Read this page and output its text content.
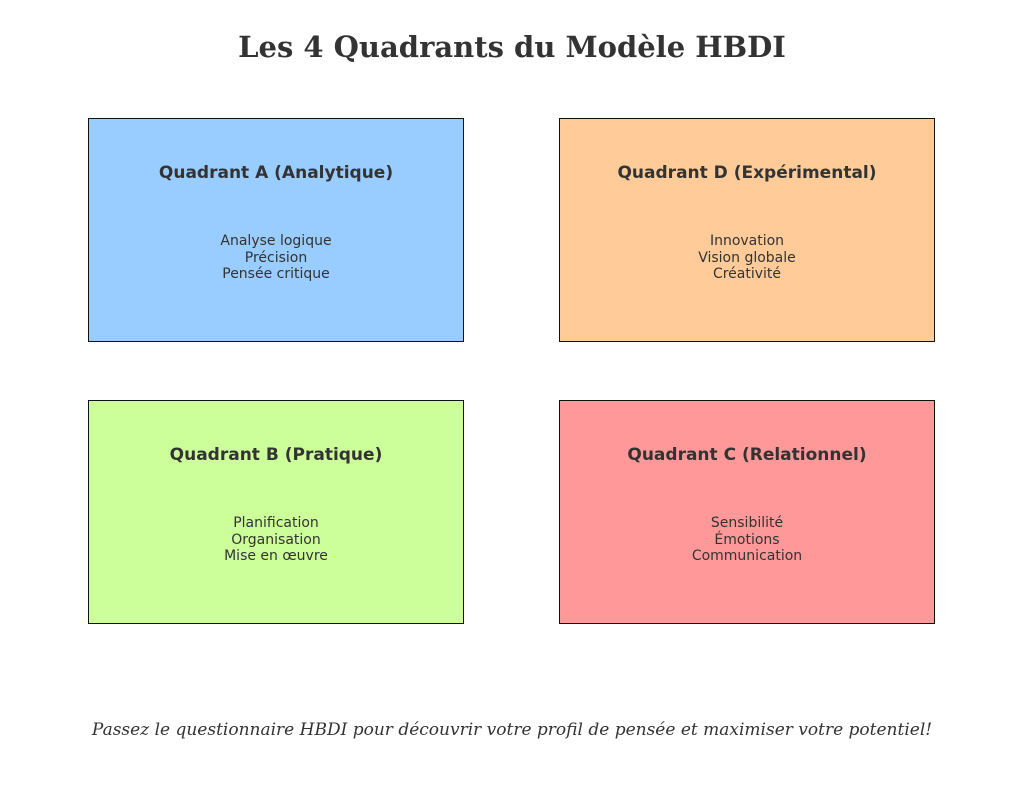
Les 4 Quadrants du Modèle HBDI
Quadrant A (Analytique)
Analyse logique
Précision
Pensée critique
Quadrant D (Expérimental)
Innovation
Vision globale
Créativité
Quadrant B (Pratique)
Planification
Organisation
Mise en œuvre
Quadrant C (Relationnel)
Sensibilité
Émotions
Communication

Passez le questionnaire HBDI pour découvrir votre profil de pensée et maximiser votre potentiel!
